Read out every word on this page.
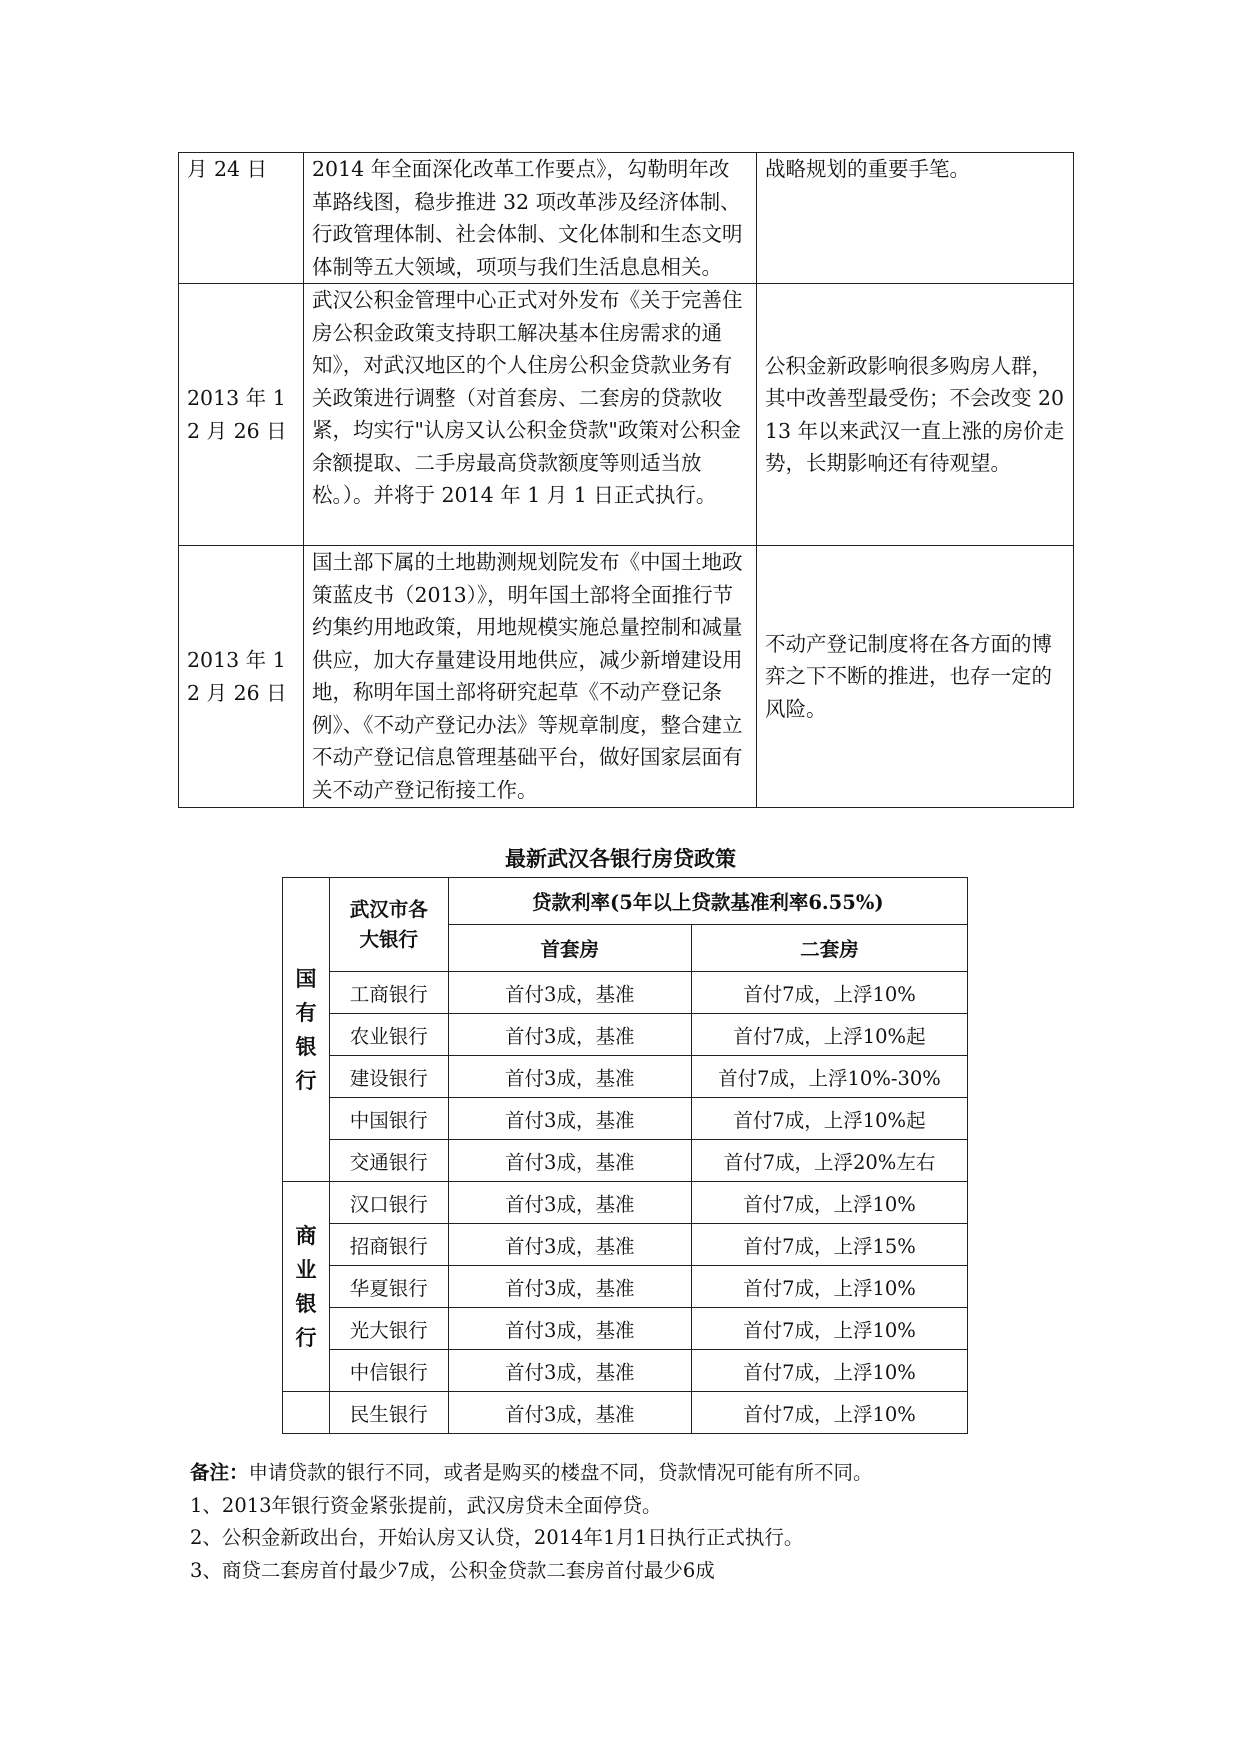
月 24 日	2014 年全面深化改革工作要点》，勾勒明年改革路线图，稳步推进 32 项改革涉及经济体制、行政管理体制、社会体制、文化体制和生态文明体制等五大领域，项项与我们生活息息相关。	战略规划的重要手笔。
2013 年 12 月 26 日	武汉公积金管理中心正式对外发布《关于完善住房公积金政策支持职工解决基本住房需求的通知》，对武汉地区的个人住房公积金贷款业务有关政策进行调整（对首套房、二套房的贷款收紧，均实行"认房又认公积金贷款"政策对公积金余额提取、二手房最高贷款额度等则适当放松。）。并将于 2014 年 1 月 1 日正式执行。	公积金新政影响很多购房人群，其中改善型最受伤；不会改变 2013 年以来武汉一直上涨的房价走势，长期影响还有待观望。
2013 年 12 月 26 日	国土部下属的土地勘测规划院发布《中国土地政策蓝皮书（2013）》，明年国土部将全面推行节约集约用地政策，用地规模实施总量控制和减量供应，加大存量建设用地供应，减少新增建设用地，称明年国土部将研究起草《不动产登记条例》、《不动产登记办法》等规章制度，整合建立不动产登记信息管理基础平台，做好国家层面有关不动产登记衔接工作。	不动产登记制度将在各方面的博弈之下不断的推进，也存一定的风险。
最新武汉各银行房贷政策
国有银行	武汉市各大银行	贷款利率(5年以上贷款基准利率6.55%)	
		首套房	二套房
	工商银行	首付3成，基准	首付7成，上浮10%
	农业银行	首付3成，基准	首付7成，上浮10%起
	建设银行	首付3成，基准	首付7成，上浮10%-30%
	中国银行	首付3成，基准	首付7成，上浮10%起
	交通银行	首付3成，基准	首付7成，上浮20%左右

商业银行	汉口银行	首付3成，基准	首付7成，上浮10%
	招商银行	首付3成，基准	首付7成，上浮15%
	华夏银行	首付3成，基准	首付7成，上浮10%
	光大银行	首付3成，基准	首付7成，上浮10%
	中信银行	首付3成，基准	首付7成，上浮10%
	民生银行	首付3成，基准	首付7成，上浮10%

备注：申请贷款的银行不同，或者是购买的楼盘不同，贷款情况可能有所不同。

1、2013年银行资金紧张提前，武汉房贷未全面停贷。

2、公积金新政出台，开始认房又认贷，2014年1月1日执行正式执行。

3、商贷二套房首付最少7成，公积金贷款二套房首付最少6成
